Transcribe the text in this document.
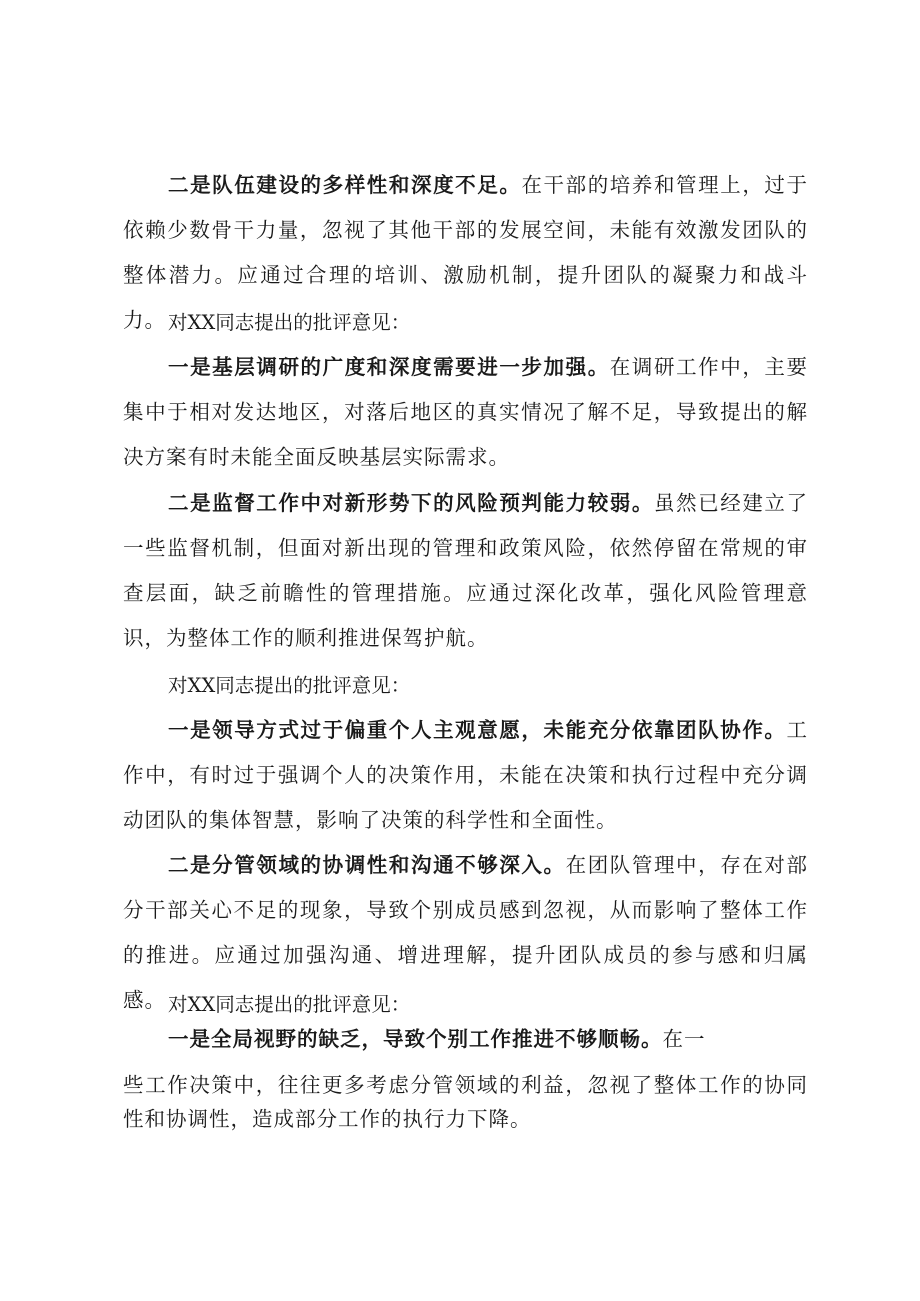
二是队伍建设的多样性和深度不足。在干部的培养和管理上，过于依赖少数骨干力量，忽视了其他干部的发展空间，未能有效激发团队的整体潜力。应通过合理的培训、激励机制，提升团队的凝聚力和战斗力。 对XX同志提出的批评意见：

一是基层调研的广度和深度需要进一步加强。在调研工作中，主要集中于相对发达地区，对落后地区的真实情况了解不足，导致提出的解决方案有时未能全面反映基层实际需求。

二是监督工作中对新形势下的风险预判能力较弱。虽然已经建立了一些监督机制，但面对新出现的管理和政策风险，依然停留在常规的审查层面，缺乏前瞻性的管理措施。应通过深化改革，强化风险管理意识，为整体工作的顺利推进保驾护航。

对XX同志提出的批评意见：

一是领导方式过于偏重个人主观意愿，未能充分依靠团队协作。工作中，有时过于强调个人的决策作用，未能在决策和执行过程中充分调动团队的集体智慧，影响了决策的科学性和全面性。

二是分管领域的协调性和沟通不够深入。在团队管理中，存在对部分干部关心不足的现象，导致个别成员感到忽视，从而影响了整体工作的推进。应通过加强沟通、增进理解，提升团队成员的参与感和归属感。 对XX同志提出的批评意见：

一是全局视野的缺乏，导致个别工作推进不够顺畅。在一

些工作决策中，往往更多考虑分管领域的利益，忽视了整体工作的协同性和协调性，造成部分工作的执行力下降。
